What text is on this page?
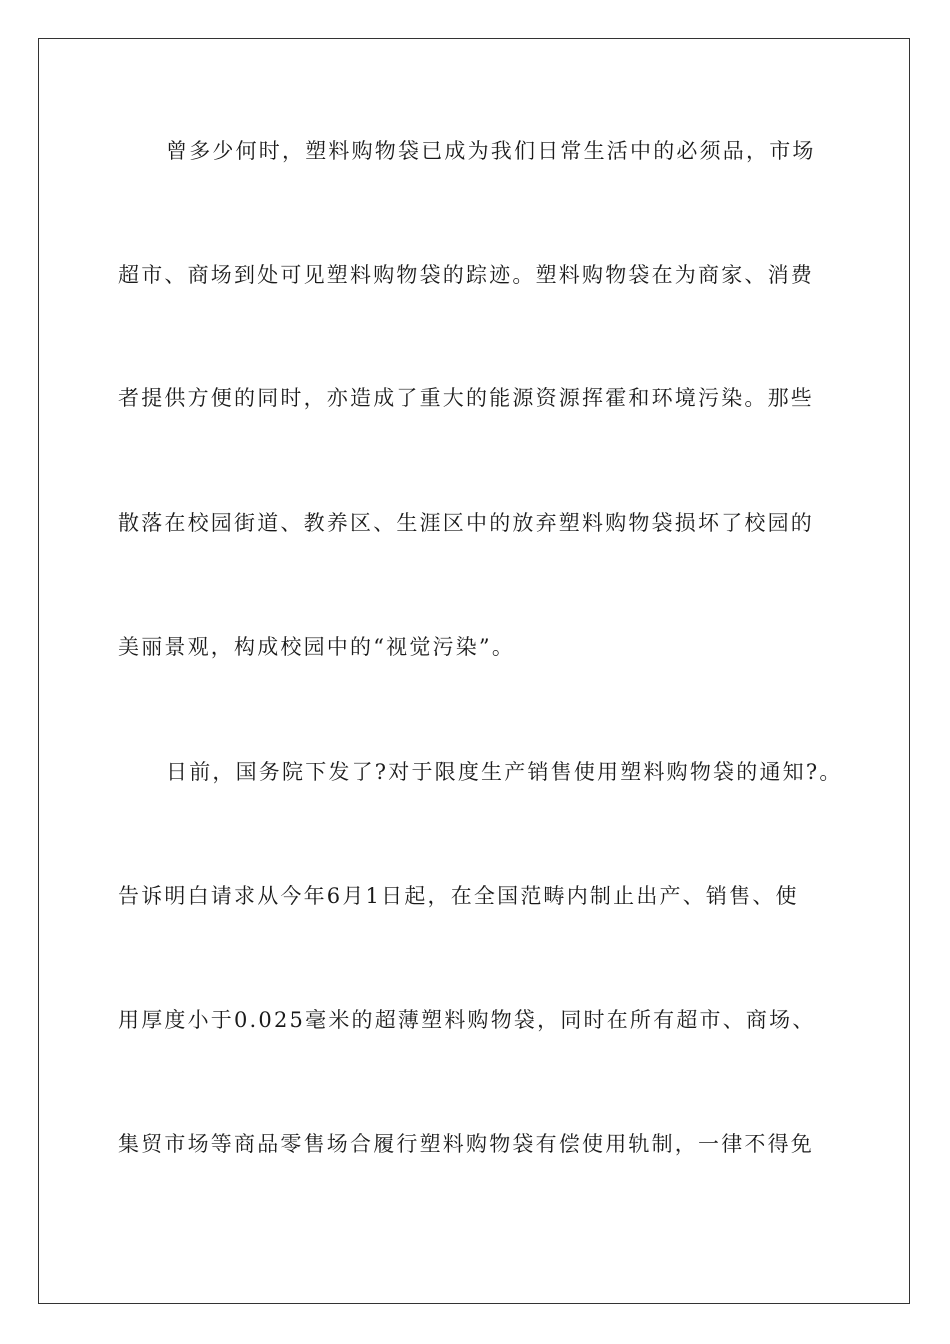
曾多少何时，塑料购物袋已成为我们日常生活中的必须品，市场
超市、商场到处可见塑料购物袋的踪迹。塑料购物袋在为商家、消费
者提供方便的同时，亦造成了重大的能源资源挥霍和环境污染。那些
散落在校园街道、教养区、生涯区中的放弃塑料购物袋损坏了校园的
美丽景观，构成校园中的“视觉污染”。
日前，国务院下发了?对于限度生产销售使用塑料购物袋的通知?。
告诉明白请求从今年6月1日起，在全国范畴内制止出产、销售、使
用厚度小于0.025毫米的超薄塑料购物袋，同时在所有超市、商场、
集贸市场等商品零售场合履行塑料购物袋有偿使用轨制，一律不得免
